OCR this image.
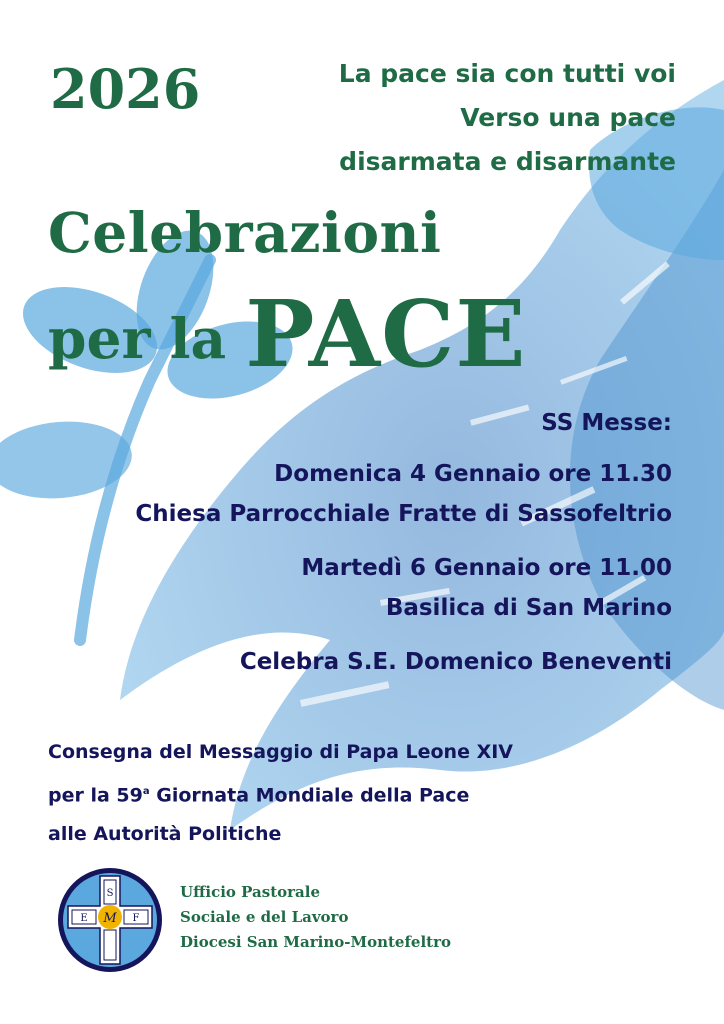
2026	La pace sia con tutti voi
Verso una pace
disarmata e disarmante
Celebrazioni
per la PACE
SS Messe:
Domenica 4 Gennaio ore 11.30
Chiesa Parrocchiale Fratte di Sassofeltrio
Martedì 6 Gennaio ore 11.00
Basilica di San Marino
Celebra S.E. Domenico Beneventi
Consegna del Messaggio di Papa Leone XIV
per la 59$^a$ Giornata Mondiale della Pace
alle Autorità Politiche
S
E M F
Ufficio Pastorale
Sociale e del Lavoro
Diocesi San Marino-Montefeltro
